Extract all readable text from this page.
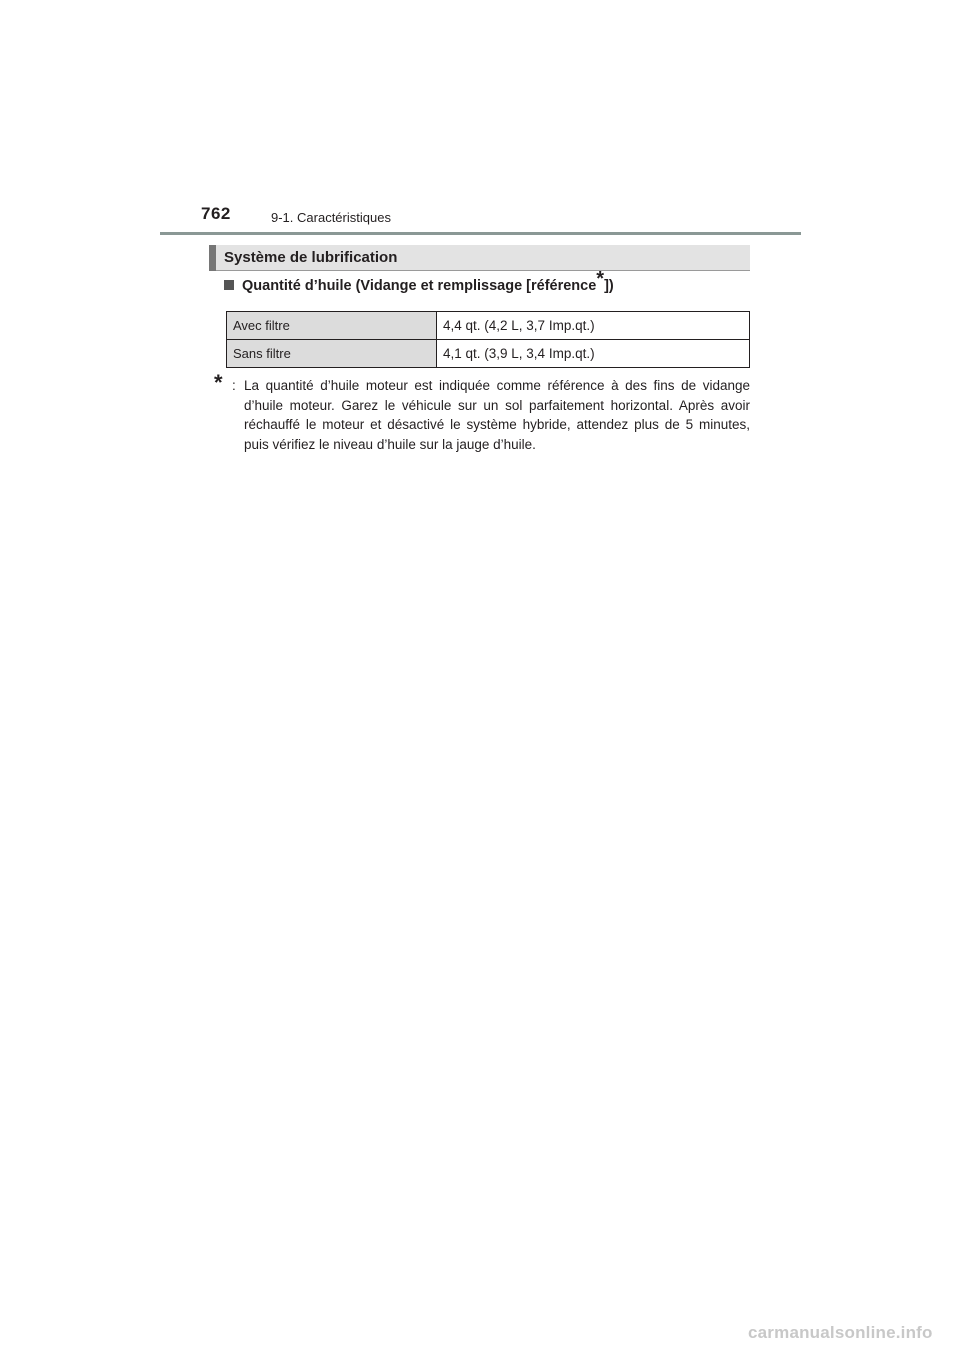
762	9-1. Caractéristiques
Système de lubrification
Quantité d’huile (Vidange et remplissage [référence*])
Avec filtre	4,4 qt. (4,2 L, 3,7 Imp.qt.)
Sans filtre	4,1 qt. (3,9 L, 3,4 Imp.qt.)
* : La quantité d’huile moteur est indiquée comme référence à des fins de vidange d’huile moteur. Garez le véhicule sur un sol parfaitement horizontal. Après avoir réchauffé le moteur et désactivé le système hybride, attendez plus de 5 minutes, puis vérifiez le niveau d’huile sur la jauge d’huile.
carmanualsonline.info
